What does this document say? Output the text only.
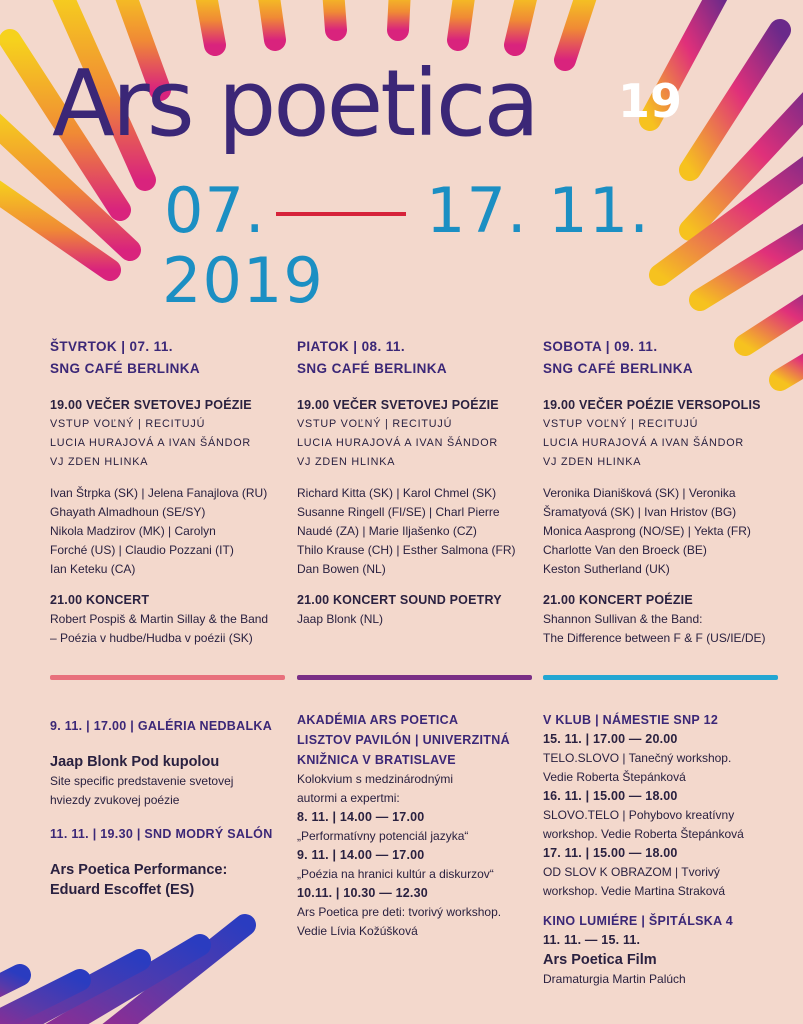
Ars poetica 19
07.	17. 11.
2019
ŠTVRTOK | 07. 11.
SNG CAFÉ BERLINKA
19.00 VEČER SVETOVEJ POÉZIE
VSTUP VOĽNÝ | RECITUJÚ
LUCIA HURAJOVÁ A IVAN ŠÁNDOR
VJ ZDEN HLINKA
Ivan Štrpka (SK) | Jelena Fanajlova (RU)
Ghayath Almadhoun (SE/SY)
Nikola Madzirov (MK) | Carolyn
Forché (US) | Claudio Pozzani (IT)
Ian Keteku (CA)
21.00 KONCERT
Robert Pospiš & Martin Sillay & the Band
– Poézia v hudbe/Hudba v poézii (SK)
PIATOK | 08. 11.
SNG CAFÉ BERLINKA
19.00 VEČER SVETOVEJ POÉZIE
VSTUP VOĽNÝ | RECITUJÚ
LUCIA HURAJOVÁ A IVAN ŠÁNDOR
VJ ZDEN HLINKA
Richard Kitta (SK) | Karol Chmel (SK)
Susanne Ringell (FI/SE) | Charl Pierre
Naudé (ZA) | Marie Iljašenko (CZ)
Thilo Krause (CH) | Esther Salmona (FR)
Dan Bowen (NL)
21.00 KONCERT SOUND POETRY
Jaap Blonk (NL)
SOBOTA | 09. 11.
SNG CAFÉ BERLINKA
19.00 VEČER POÉZIE VERSOPOLIS
VSTUP VOĽNÝ | RECITUJÚ
LUCIA HURAJOVÁ A IVAN ŠÁNDOR
VJ ZDEN HLINKA
Veronika Dianišková (SK) | Veronika
Šramatyová (SK) | Ivan Hristov (BG)
Monica Aasprong (NO/SE) | Yekta (FR)
Charlotte Van den Broeck (BE)
Keston Sutherland (UK)
21.00 KONCERT POÉZIE
Shannon Sullivan & the Band:
The Difference between F & F (US/IE/DE)
9. 11. | 17.00 | GALÉRIA NEDBALKA
Jaap Blonk Pod kupolou
Site specific predstavenie svetovej
hviezdy zvukovej poézie
11. 11. | 19.30 | SND MODRÝ SALÓN
Ars Poetica Performance:
Eduard Escoffet (ES)
AKADÉMIA ARS POETICA
LISZTOV PAVILÓN | UNIVERZITNÁ
KNIŽNICA V BRATISLAVE
Kolokvium s medzinárodnými
autormi a expertmi:
8. 11. | 14.00 — 17.00
„Performatívny potenciál jazyka“
9. 11. | 14.00 — 17.00
„Poézia na hranici kultúr a diskurzov“
10.11. | 10.30 — 12.30
Ars Poetica pre deti: tvorivý workshop.
Vedie Lívia Kožúšková
V KLUB | NÁMESTIE SNP 12
15. 11. | 17.00 — 20.00
TELO.SLOVO | Tanečný workshop.
Vedie Roberta Štepánková
16. 11. | 15.00 — 18.00
SLOVO.TELO | Pohybovo kreatívny
workshop. Vedie Roberta Štepánková
17. 11. | 15.00 — 18.00
OD SLOV K OBRAZOM | Tvorivý
workshop. Vedie Martina Straková
KINO LUMIÉRE | ŠPITÁLSKA 4
11. 11. — 15. 11.
Ars Poetica Film
Dramaturgia Martin Palúch
